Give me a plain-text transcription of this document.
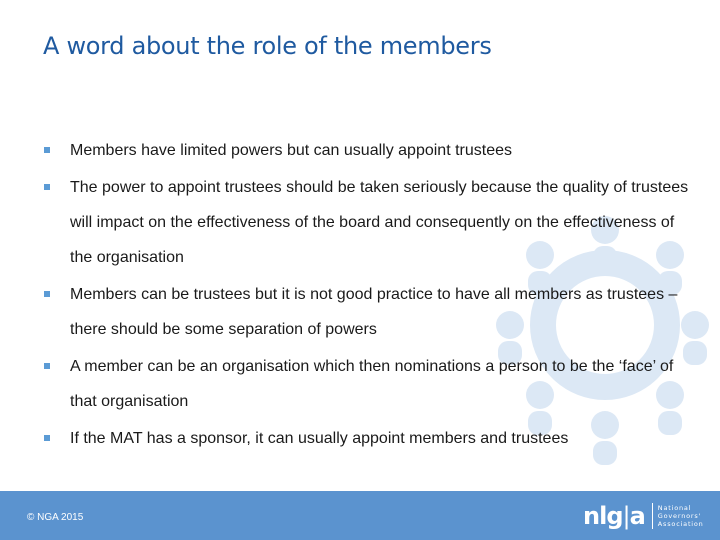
A word about the role of the members
Members have limited powers but can usually appoint trustees
The power to appoint trustees should be taken seriously because the quality of trustees will impact on the effectiveness of the board and consequently on the effectiveness of the organisation
Members can be trustees but it is not good practice to have all members as trustees – there should be some separation of powers
A member can be an organisation which then nominations a person to be the ‘face’ of that organisation
If the MAT has a sponsor, it can usually appoint members and trustees
© NGA 2015	nlg|a National
Governors'
Association
